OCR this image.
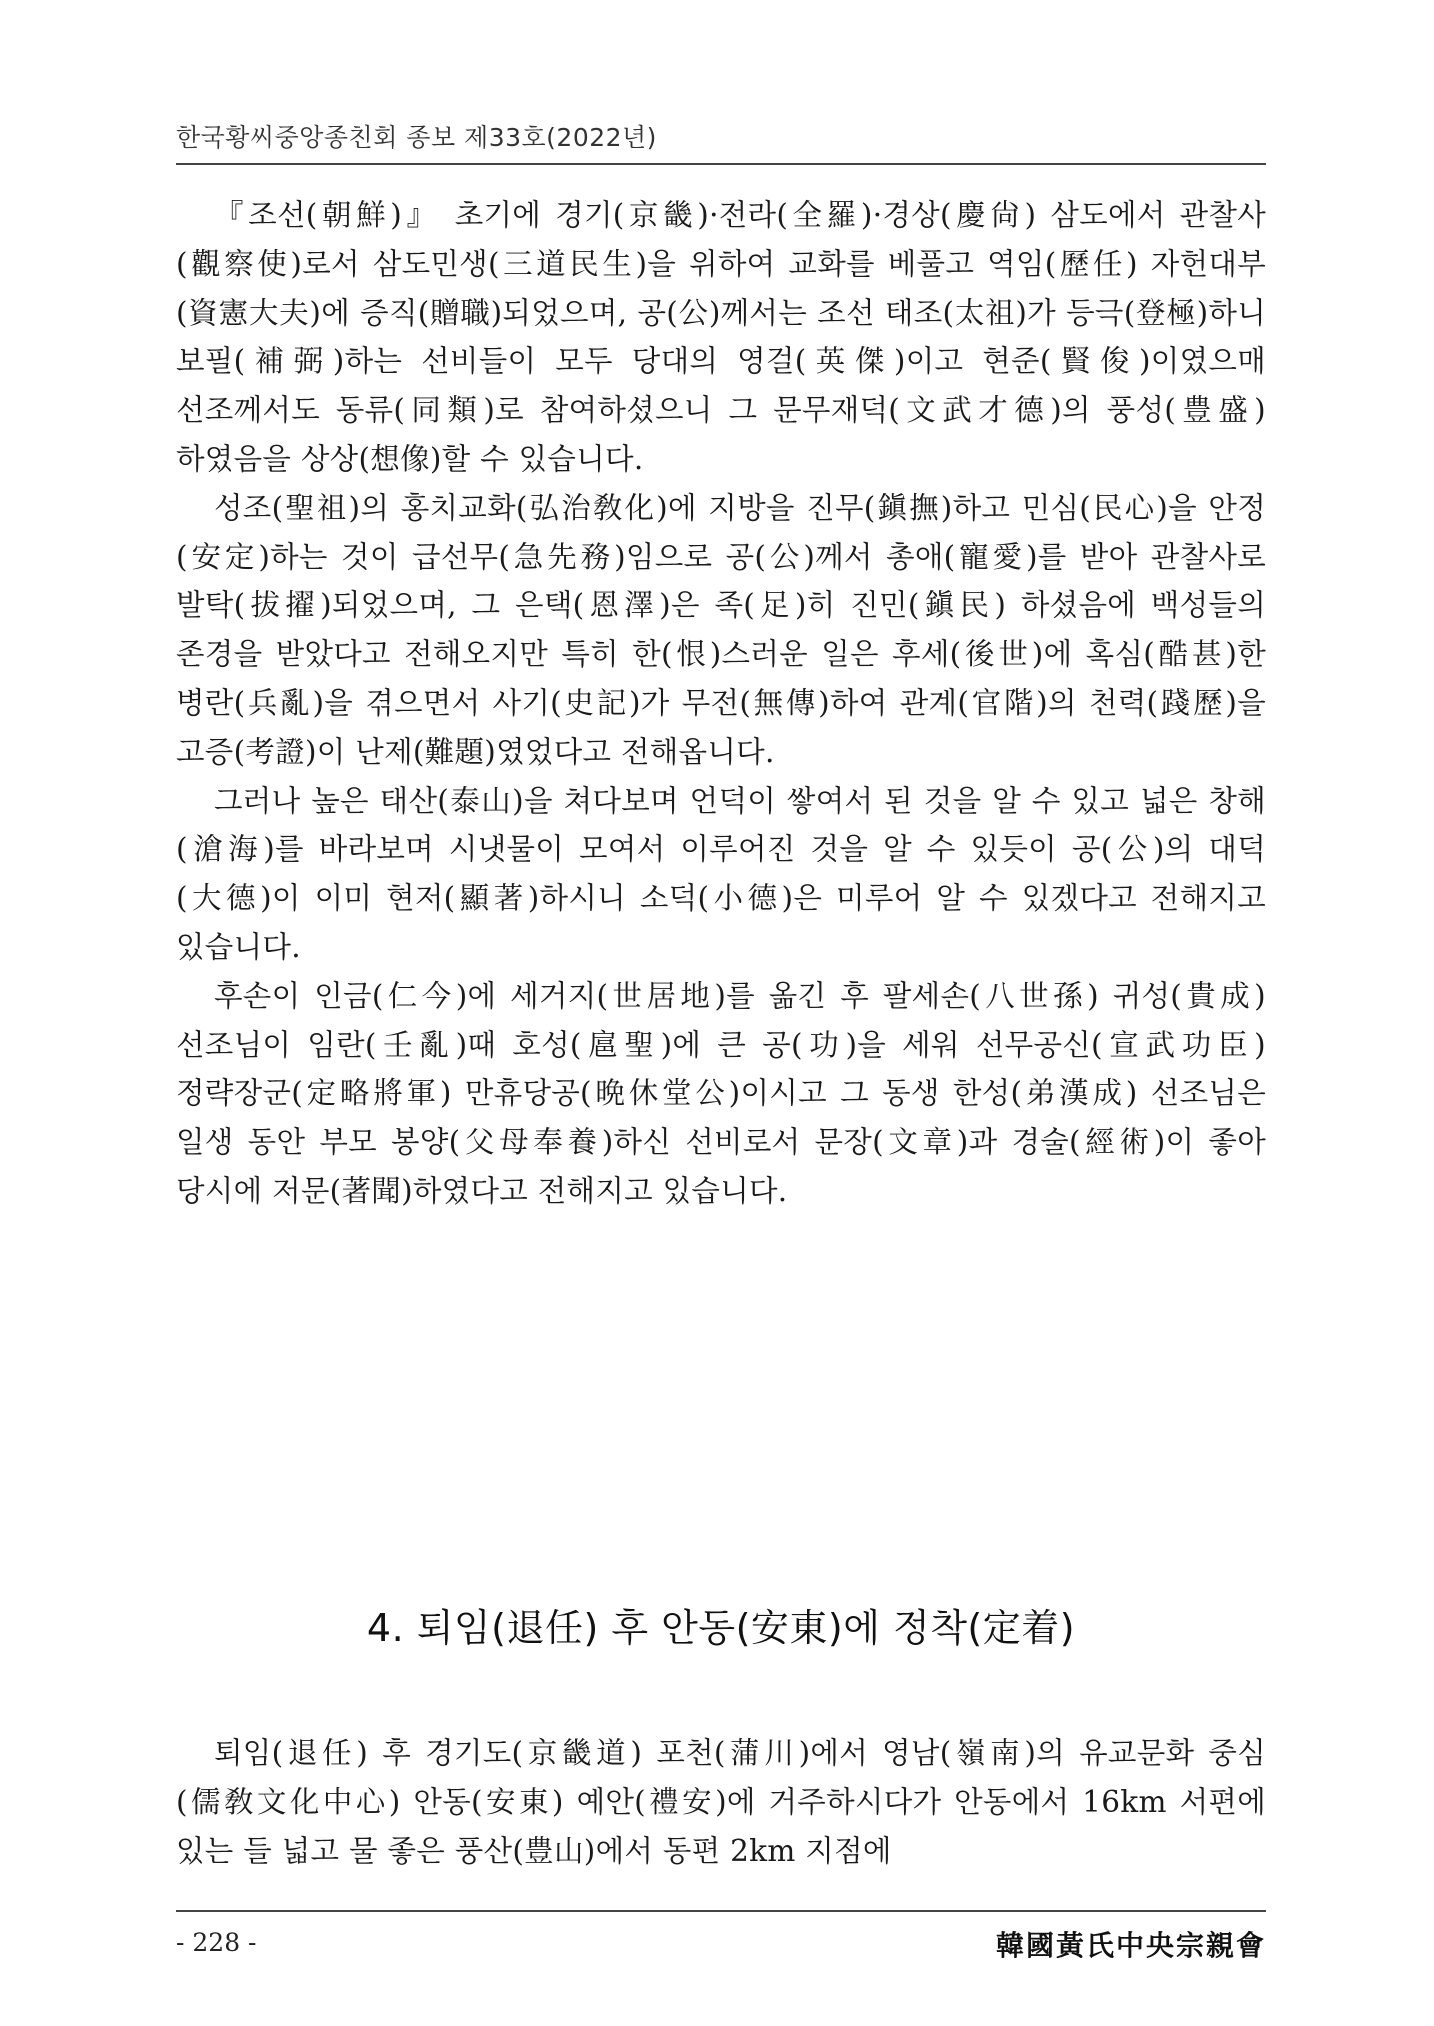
한국황씨중앙종친회 종보 제33호(2022년)

『조선(朝鮮)』 초기에 경기(京畿)·전라(全羅)·경상(慶尙) 삼도에서 관찰사(觀察使)로서 삼도민생(三道民生)을 위하여 교화를 베풀고 역임(歷任) 자헌대부(資憲大夫)에 증직(贈職)되었으며, 공(公)께서는 조선 태조(太祖)가 등극(登極)하니 보필(補弼)하는 선비들이 모두 당대의 영걸(英傑)이고 현준(賢俊)이였으매 선조께서도 동류(同類)로 참여하셨으니 그 문무재덕(文武才德)의 풍성(豊盛)하였음을 상상(想像)할 수 있습니다.

성조(聖祖)의 홍치교화(弘治敎化)에 지방을 진무(鎭撫)하고 민심(民心)을 안정(安定)하는 것이 급선무(急先務)임으로 공(公)께서 총애(寵愛)를 받아 관찰사로 발탁(拔擢)되었으며, 그 은택(恩澤)은 족(足)히 진민(鎭民) 하셨음에 백성들의 존경을 받았다고 전해오지만 특히 한(恨)스러운 일은 후세(後世)에 혹심(酷甚)한 병란(兵亂)을 겪으면서 사기(史記)가 무전(無傳)하여 관계(官階)의 천력(踐歷)을 고증(考證)이 난제(難題)였었다고 전해옵니다.

그러나 높은 태산(泰山)을 쳐다보며 언덕이 쌓여서 된 것을 알 수 있고 넓은 창해(滄海)를 바라보며 시냇물이 모여서 이루어진 것을 알 수 있듯이 공(公)의 대덕(大德)이 이미 현저(顯著)하시니 소덕(小德)은 미루어 알 수 있겠다고 전해지고 있습니다.

후손이 인금(仁今)에 세거지(世居地)를 옮긴 후 팔세손(八世孫) 귀성(貴成) 선조님이 임란(壬亂)때 호성(扈聖)에 큰 공(功)을 세워 선무공신(宣武功臣) 정략장군(定略將軍) 만휴당공(晩休堂公)이시고 그 동생 한성(弟漢成) 선조님은 일생 동안 부모 봉양(父母奉養)하신 선비로서 문장(文章)과 경술(經術)이 좋아 당시에 저문(著聞)하였다고 전해지고 있습니다.

4. 퇴임(退任) 후 안동(安東)에 정착(定着)

퇴임(退任) 후 경기도(京畿道) 포천(蒲川)에서 영남(嶺南)의 유교문화 중심(儒敎文化中心) 안동(安東) 예안(禮安)에 거주하시다가 안동에서 16km 서편에 있는 들 넓고 물 좋은 풍산(豊山)에서 동편 2km 지점에

- 228 -	韓國黃氏中央宗親會
